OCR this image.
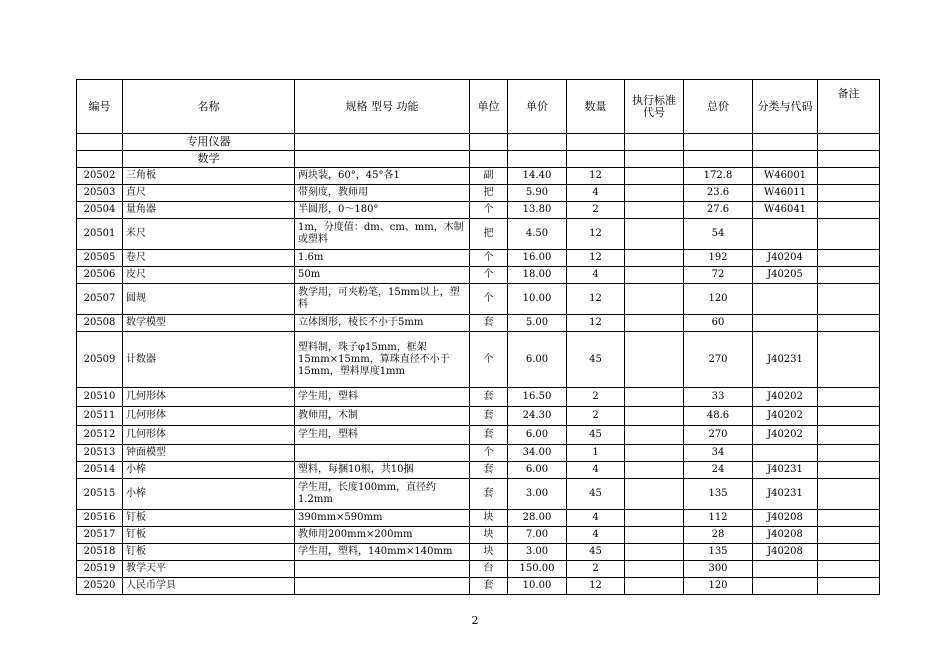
编号	名称	规格 型号 功能	单位	单价	数量	执行标准代号	总价	分类与代码	备注
	专用仪器								
	数学								
20502	三角板	两块装，60°，45°各1	副	14.40	12		172.8	W46001	
20503	直尺	带刻度，教师用	把	5.90	4		23.6	W46011	
20504	量角器	半圆形，0～180°	个	13.80	2		27.6	W46041	
20501	米尺	1m，分度值：dm、cm、mm，木制或塑料	把	4.50	12		54		
20505	卷尺	1.6m	个	16.00	12		192	J40204	
20506	皮尺	50m	个	18.00	4		72	J40205	
20507	圆规	教学用，可夹粉笔，15mm以上，塑料	个	10.00	12		120		
20508	数学模型	立体图形，棱长不小于5mm	套	5.00	12		60		
20509	计数器	塑料制，珠子φ15mm，框架15mm×15mm，算珠直径不小于15mm，塑料厚度1mm	个	6.00	45		270	J40231	
20510	几何形体	学生用，塑料	套	16.50	2		33	J40202	
20511	几何形体	教师用，木制	套	24.30	2		48.6	J40202	
20512	几何形体	学生用，塑料	套	6.00	45		270	J40202	
20513	钟面模型		个	34.00	1		34		
20514	小棒	塑料，每捆10根，共10捆	套	6.00	4		24	J40231	
20515	小棒	学生用，长度100mm，直径约1.2mm	套	3.00	45		135	J40231	
20516	钉板	390mm×590mm	块	28.00	4		112	J40208	
20517	钉板	教师用200mm×200mm	块	7.00	4		28	J40208	
20518	钉板	学生用，塑料，140mm×140mm	块	3.00	45		135	J40208	
20519	教学天平		台	150.00	2		300		
20520	人民币学具		套	10.00	12		120		
2
